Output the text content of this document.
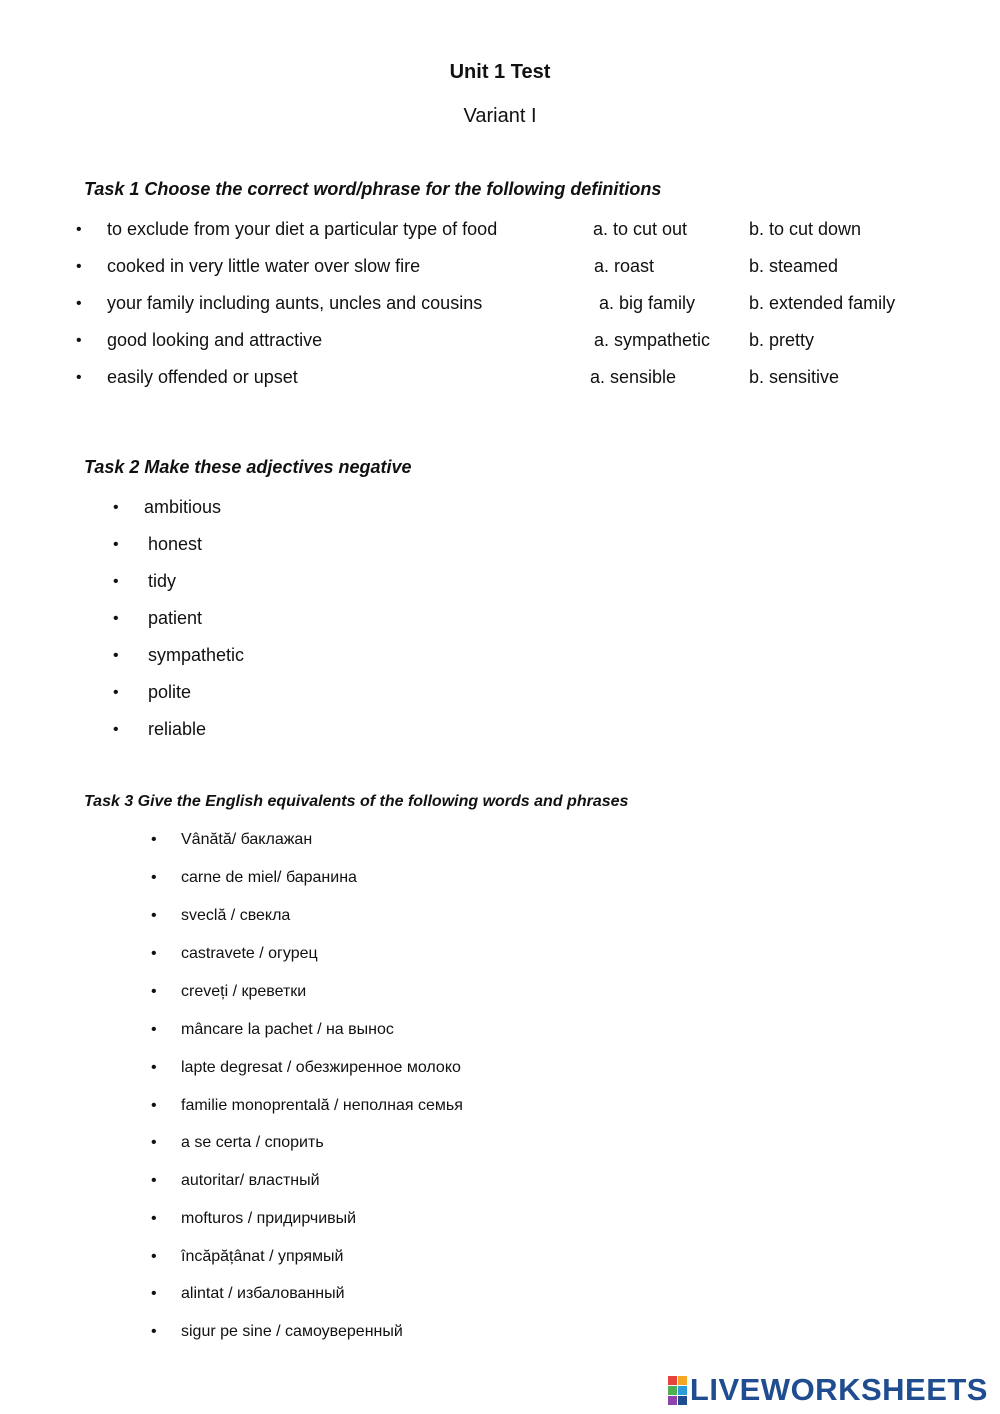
Unit 1 Test
Variant I
Task 1 Choose the correct word/phrase for the following definitions
• to exclude from your diet a particular type of food	a. to cut out	b. to cut down
• cooked in very little water over slow fire	a. roast	b. steamed
• your family including aunts, uncles and cousins	a. big family	b. extended family
• good looking and attractive	a. sympathetic b. pretty
• easily offended or upset	a. sensible	b. sensitive
Task 2 Make these adjectives negative
• ambitious
• honest
• tidy
• patient
• sympathetic
• polite
• reliable
Task 3 Give the English equivalents of the following words and phrases
• Vânătă/ баклажан
• carne de miel/ баранина
• sveclă / свекла
• castravete / огурец
• creveți / креветки
• mâncare la pachet / на вынос
• lapte degresat / обезжиренное молоко
• familie monoprentală / неполная семья
• a se certa / спорить
• autoritar/ властный
• mofturos / придирчивый
• încăpățânat / упрямый
• alintat / избалованный
• sigur pe sine / самоуверенный
LIVEWORKSHEETS
